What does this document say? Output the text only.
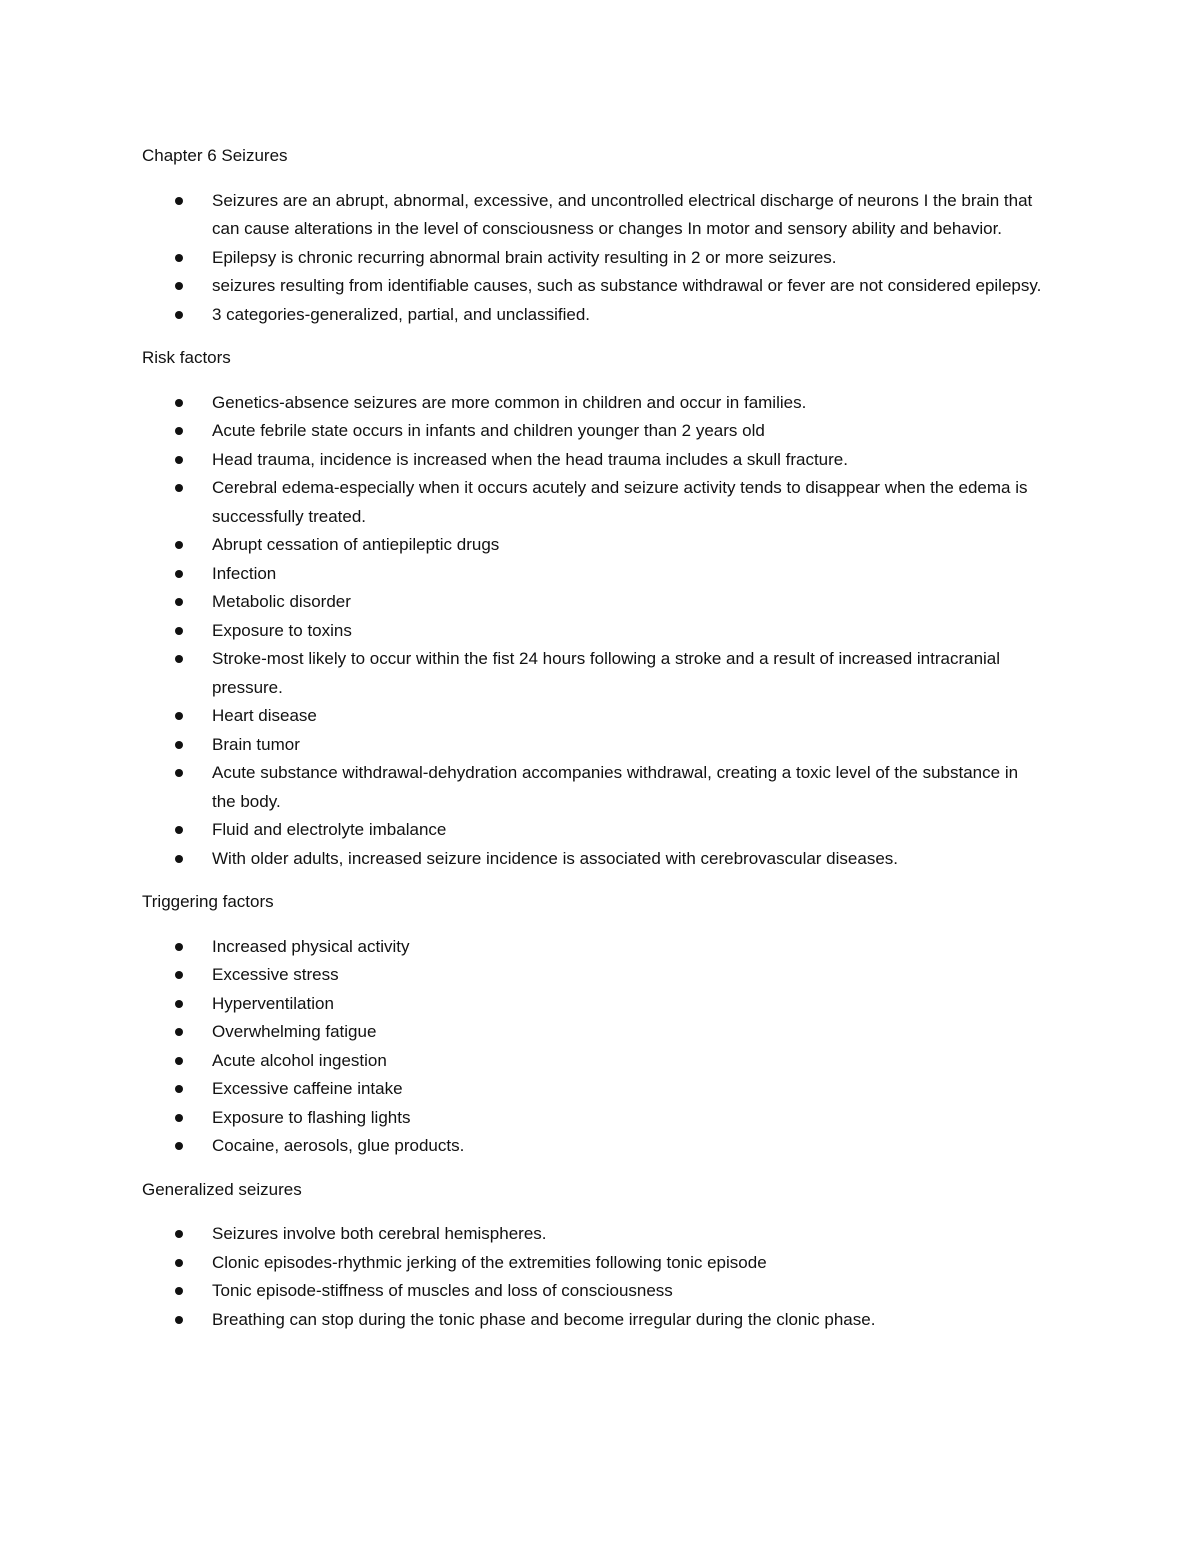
Chapter 6 Seizures

Seizures are an abrupt, abnormal, excessive, and uncontrolled electrical discharge of neurons I the brain that can cause alterations in the level of consciousness or changes In motor and sensory ability and behavior.
Epilepsy is chronic recurring abnormal brain activity resulting in 2 or more seizures.
seizures resulting from identifiable causes, such as substance withdrawal or fever are not considered epilepsy.
3 categories-generalized, partial, and unclassified.

Risk factors

Genetics-absence seizures are more common in children and occur in families.
Acute febrile state occurs in infants and children younger than 2 years old
Head trauma, incidence is increased when the head trauma includes a skull fracture.
Cerebral edema-especially when it occurs acutely and seizure activity tends to disappear when the edema is successfully treated.
Abrupt cessation of antiepileptic drugs
Infection
Metabolic disorder
Exposure to toxins
Stroke-most likely to occur within the fist 24 hours following a stroke and a result of increased intracranial pressure.
Heart disease
Brain tumor
Acute substance withdrawal-dehydration accompanies withdrawal, creating a toxic level of the substance in the body.
Fluid and electrolyte imbalance
With older adults, increased seizure incidence is associated with cerebrovascular diseases.

Triggering factors

Increased physical activity
Excessive stress
Hyperventilation
Overwhelming fatigue
Acute alcohol ingestion
Excessive caffeine intake
Exposure to flashing lights
Cocaine, aerosols, glue products.

Generalized seizures

Seizures involve both cerebral hemispheres.
Clonic episodes-rhythmic jerking of the extremities following tonic episode
Tonic episode-stiffness of muscles and loss of consciousness
Breathing can stop during the tonic phase and become irregular during the clonic phase.
